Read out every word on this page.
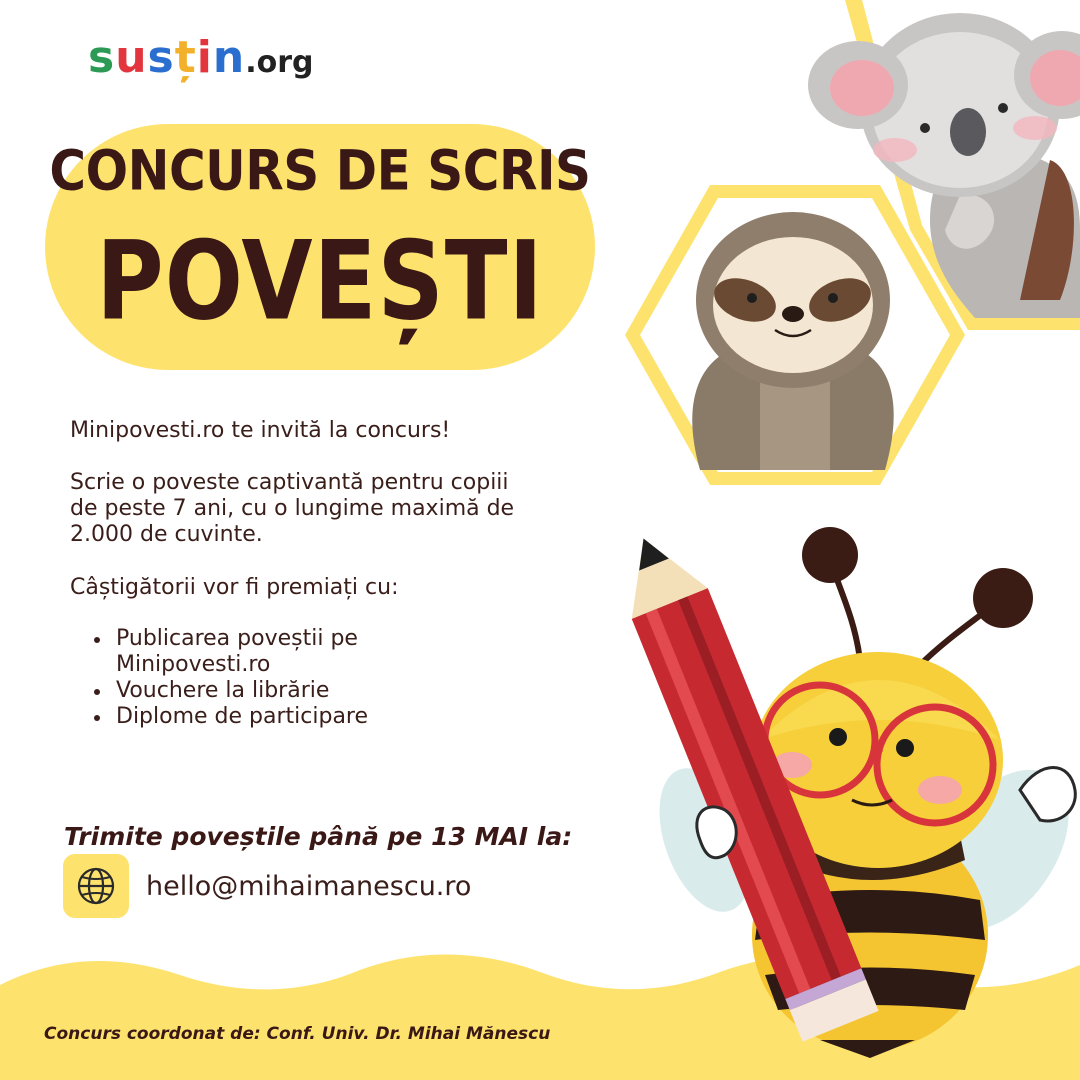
susțin.org
CONCURS DE SCRIS
POVEȘTI
Minipovesti.ro te invită la concurs!
Scrie o poveste captivantă pentru copiii de peste 7 ani, cu o lungime maximă de 2.000 de cuvinte.
Câștigătorii vor fi premiați cu:
Publicarea poveștii pe Minipovesti.ro
Vouchere la librărie
Diplome de participare
Trimite poveștile până pe 13 MAI la:
hello@mihaimanescu.ro
Concurs coordonat de: Conf. Univ. Dr. Mihai Mănescu
